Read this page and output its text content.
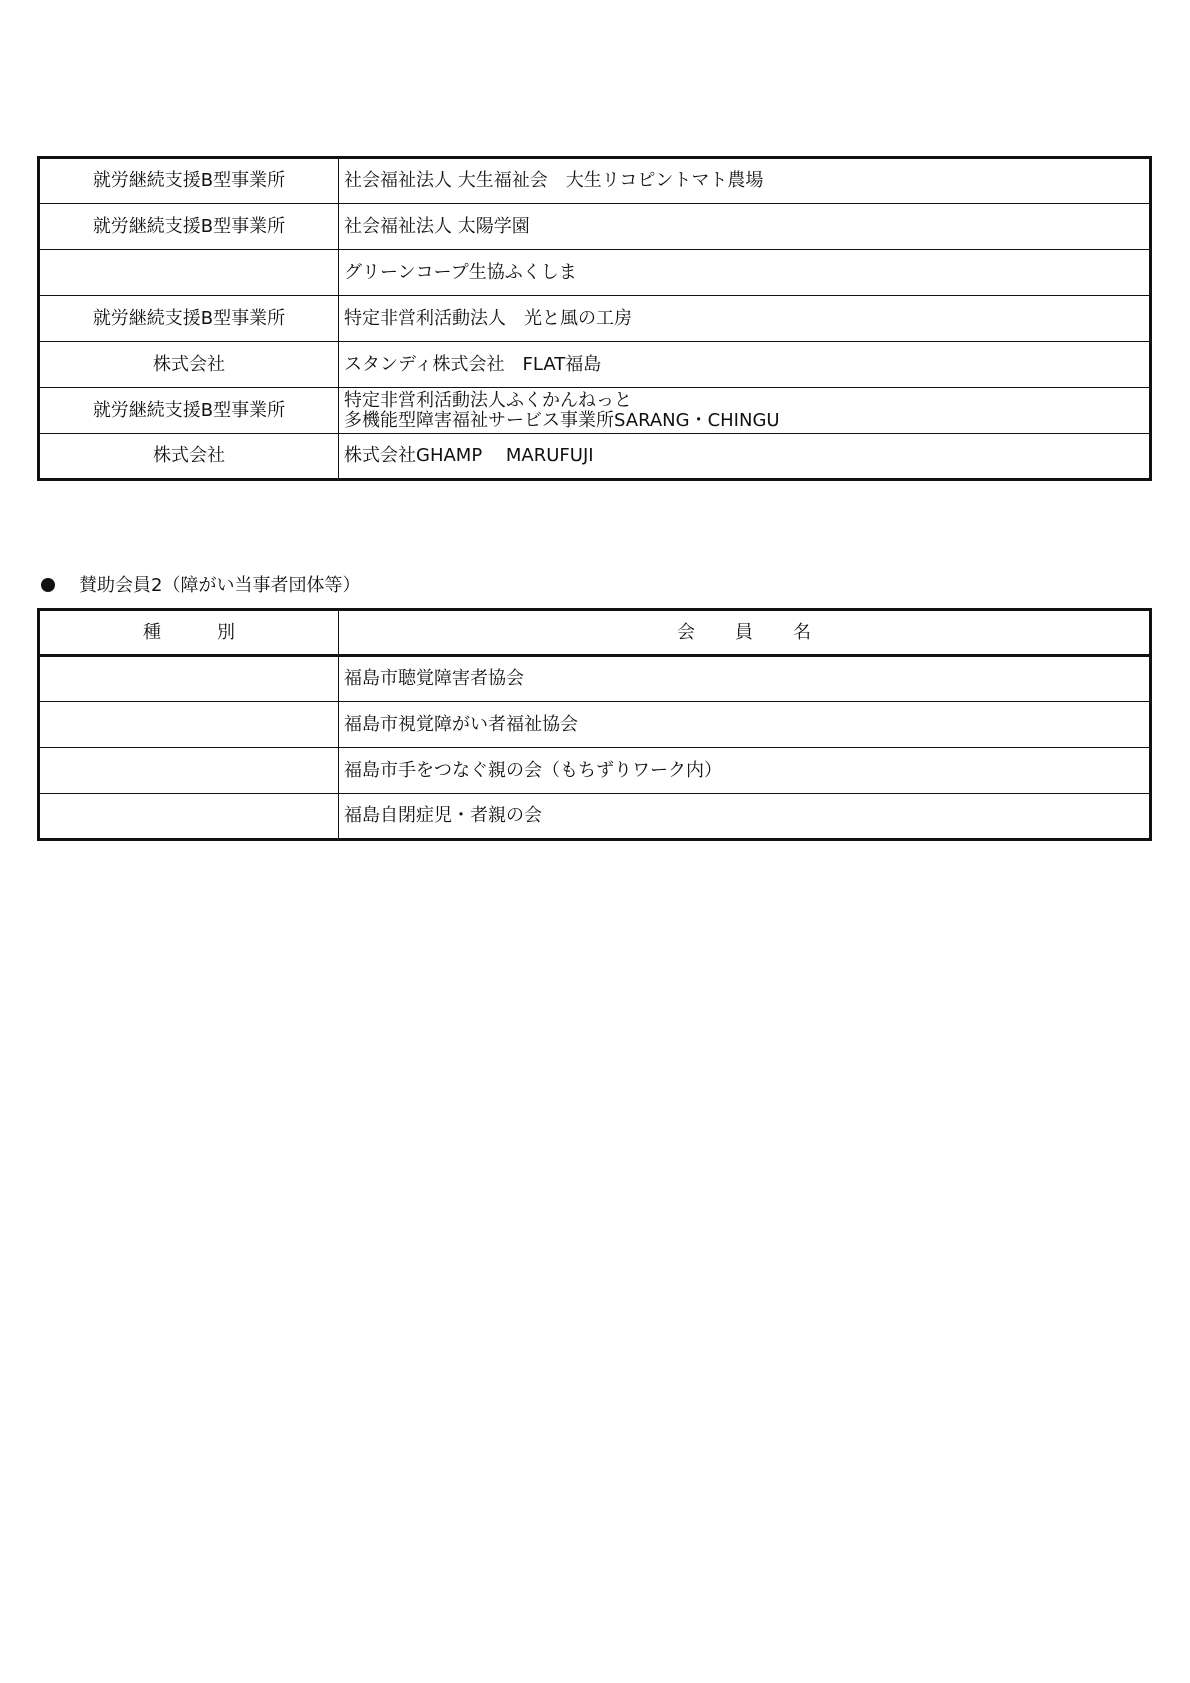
就労継続支援B型事業所	社会福祉法人 大生福祉会　大生リコピントマト農場
就労継続支援B型事業所	社会福祉法人 太陽学園
	グリーンコープ生協ふくしま
就労継続支援B型事業所	特定非営利活動法人　光と風の工房
株式会社	スタンディ株式会社　FLAT福島
就労継続支援B型事業所	特定非営利活動法人ふくかんねっと
多機能型障害福祉サービス事業所SARANG・CHINGU

株式会社	株式会社GHAMP　 MARUFUJI
賛助会員2（障がい当事者団体等）
種 別	会 員 名
	福島市聴覚障害者協会
	福島市視覚障がい者福祉協会
	福島市手をつなぐ親の会（もちずりワーク内）
	福島自閉症児・者親の会
